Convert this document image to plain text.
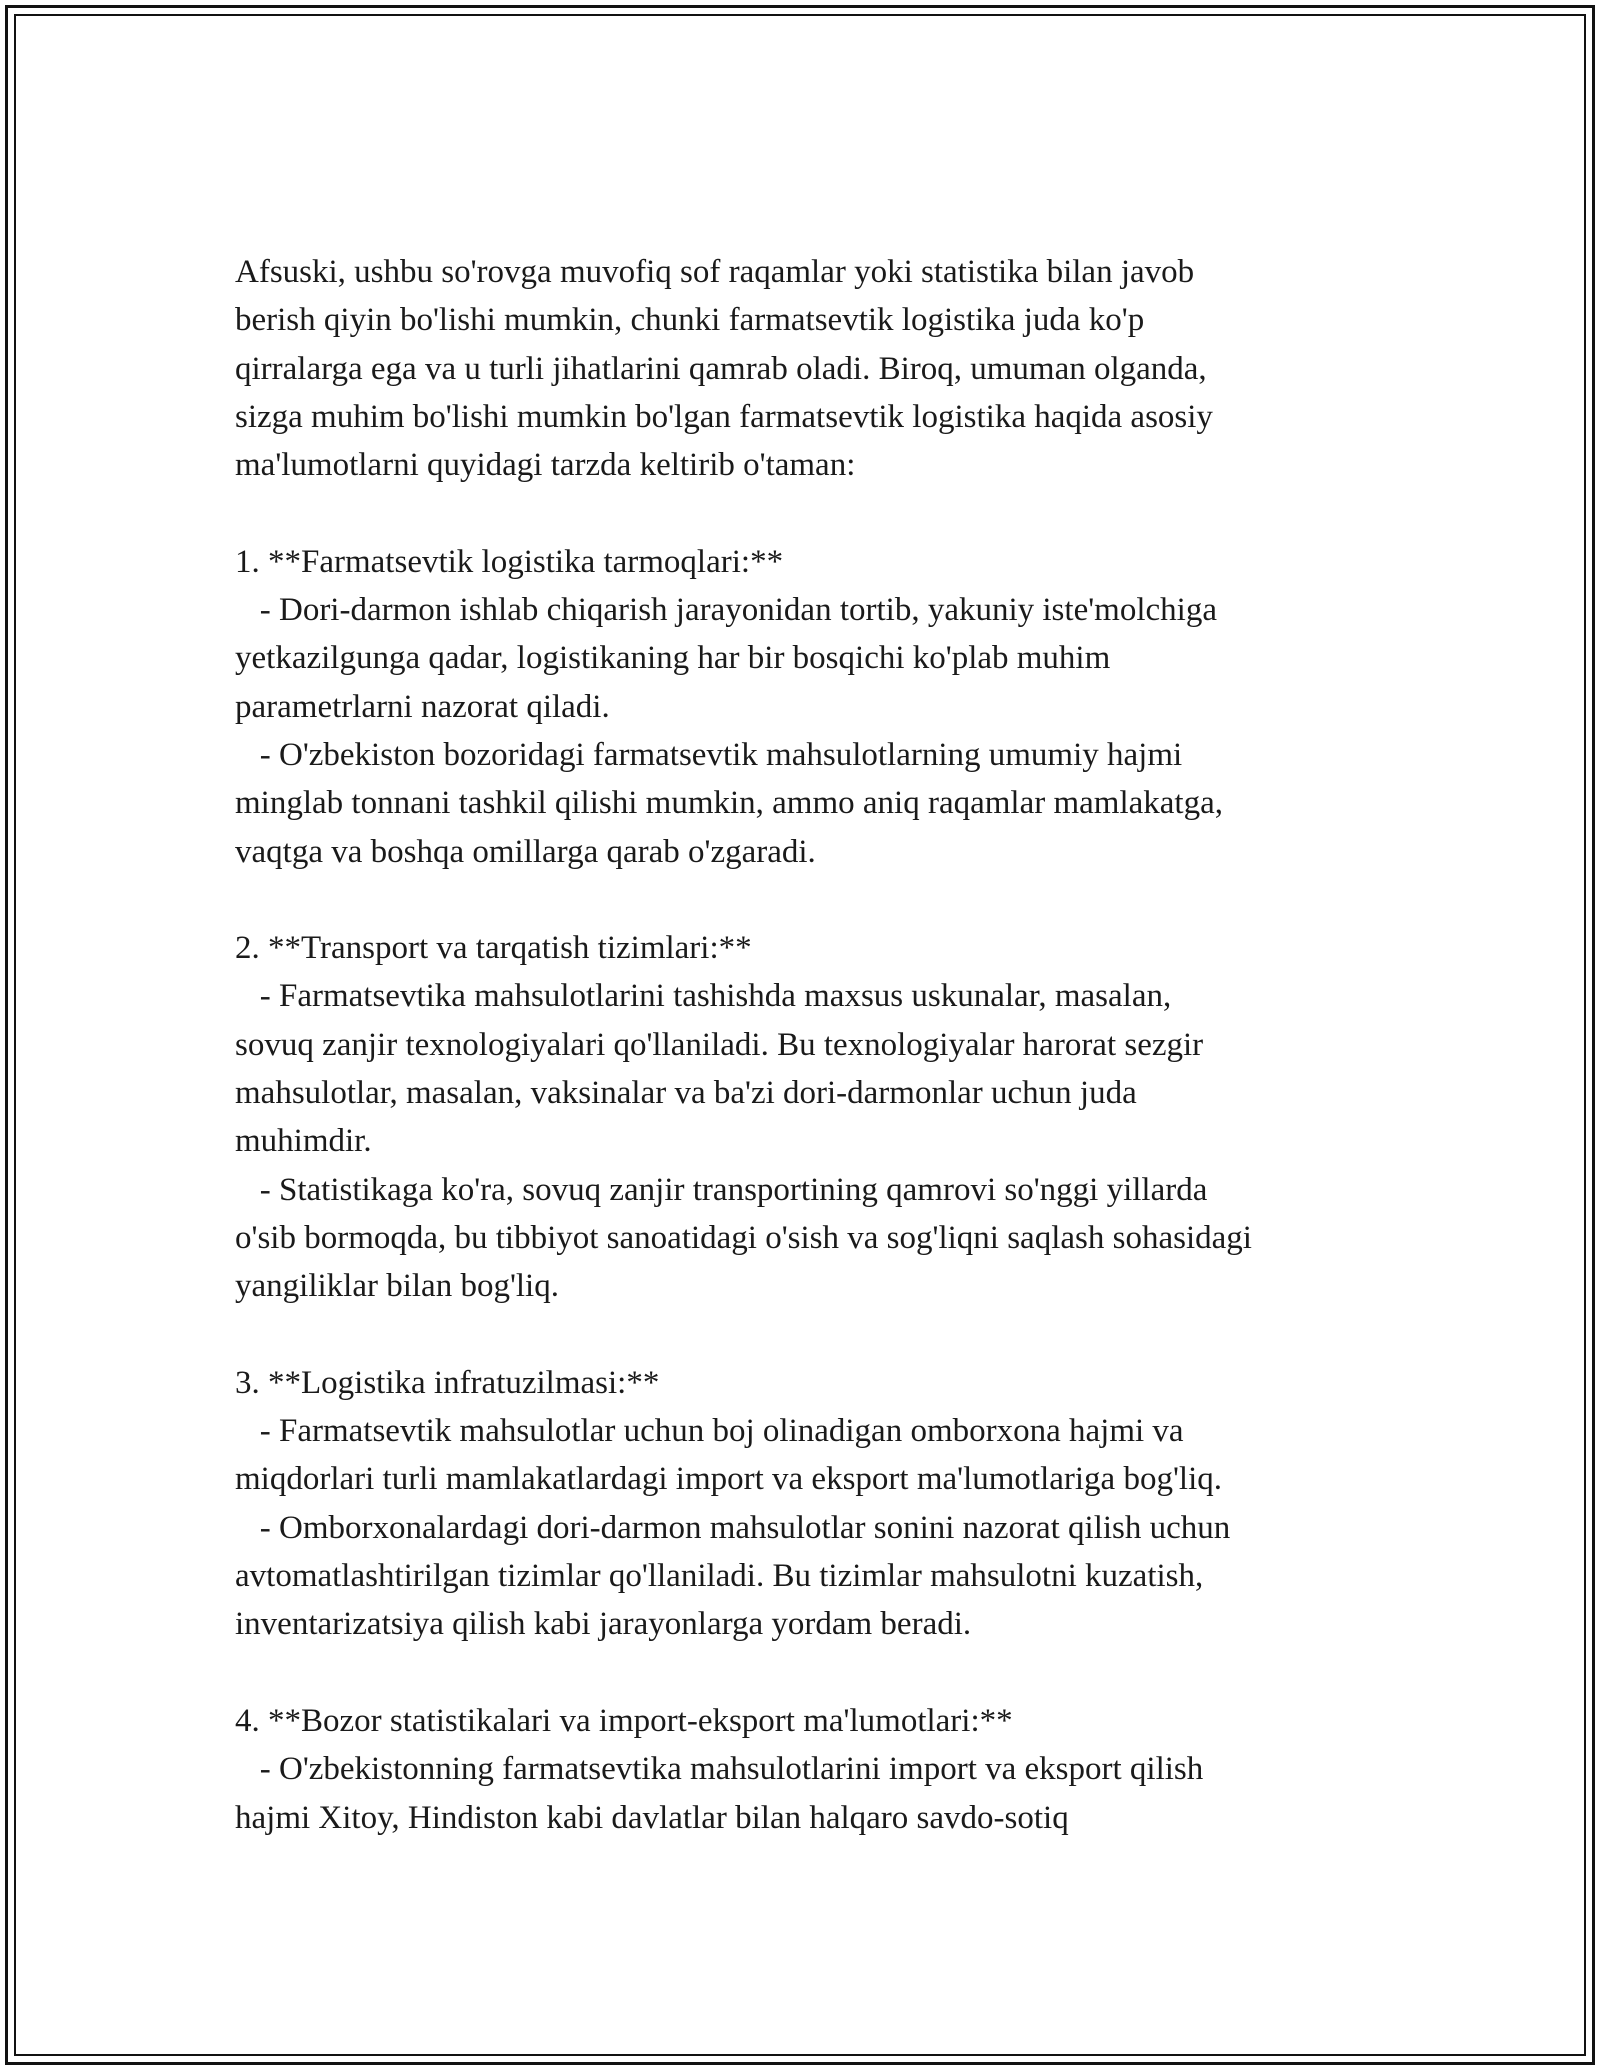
Afsuski, ushbu so'rovga muvofiq sof raqamlar yoki statistika bilan javob
berish qiyin bo'lishi mumkin, chunki farmatsevtik logistika juda ko'p
qirralarga ega va u turli jihatlarini qamrab oladi. Biroq, umuman olganda,
sizga muhim bo'lishi mumkin bo'lgan farmatsevtik logistika haqida asosiy
ma'lumotlarni quyidagi tarzda keltirib o'taman:
1. **Farmatsevtik logistika tarmoqlari:**
- Dori-darmon ishlab chiqarish jarayonidan tortib, yakuniy iste'molchiga
yetkazilgunga qadar, logistikaning har bir bosqichi ko'plab muhim
parametrlarni nazorat qiladi.
- O'zbekiston bozoridagi farmatsevtik mahsulotlarning umumiy hajmi
minglab tonnani tashkil qilishi mumkin, ammo aniq raqamlar mamlakatga,
vaqtga va boshqa omillarga qarab o'zgaradi.
2. **Transport va tarqatish tizimlari:**
- Farmatsevtika mahsulotlarini tashishda maxsus uskunalar, masalan,
sovuq zanjir texnologiyalari qo'llaniladi. Bu texnologiyalar harorat sezgir
mahsulotlar, masalan, vaksinalar va ba'zi dori-darmonlar uchun juda
muhimdir.
- Statistikaga ko'ra, sovuq zanjir transportining qamrovi so'nggi yillarda
o'sib bormoqda, bu tibbiyot sanoatidagi o'sish va sog'liqni saqlash sohasidagi
yangiliklar bilan bog'liq.
3. **Logistika infratuzilmasi:**
- Farmatsevtik mahsulotlar uchun boj olinadigan omborxona hajmi va
miqdorlari turli mamlakatlardagi import va eksport ma'lumotlariga bog'liq.
- Omborxonalardagi dori-darmon mahsulotlar sonini nazorat qilish uchun
avtomatlashtirilgan tizimlar qo'llaniladi. Bu tizimlar mahsulotni kuzatish,
inventarizatsiya qilish kabi jarayonlarga yordam beradi.
4. **Bozor statistikalari va import-eksport ma'lumotlari:**
- O'zbekistonning farmatsevtika mahsulotlarini import va eksport qilish
hajmi Xitoy, Hindiston kabi davlatlar bilan halqaro savdo-sotiq
